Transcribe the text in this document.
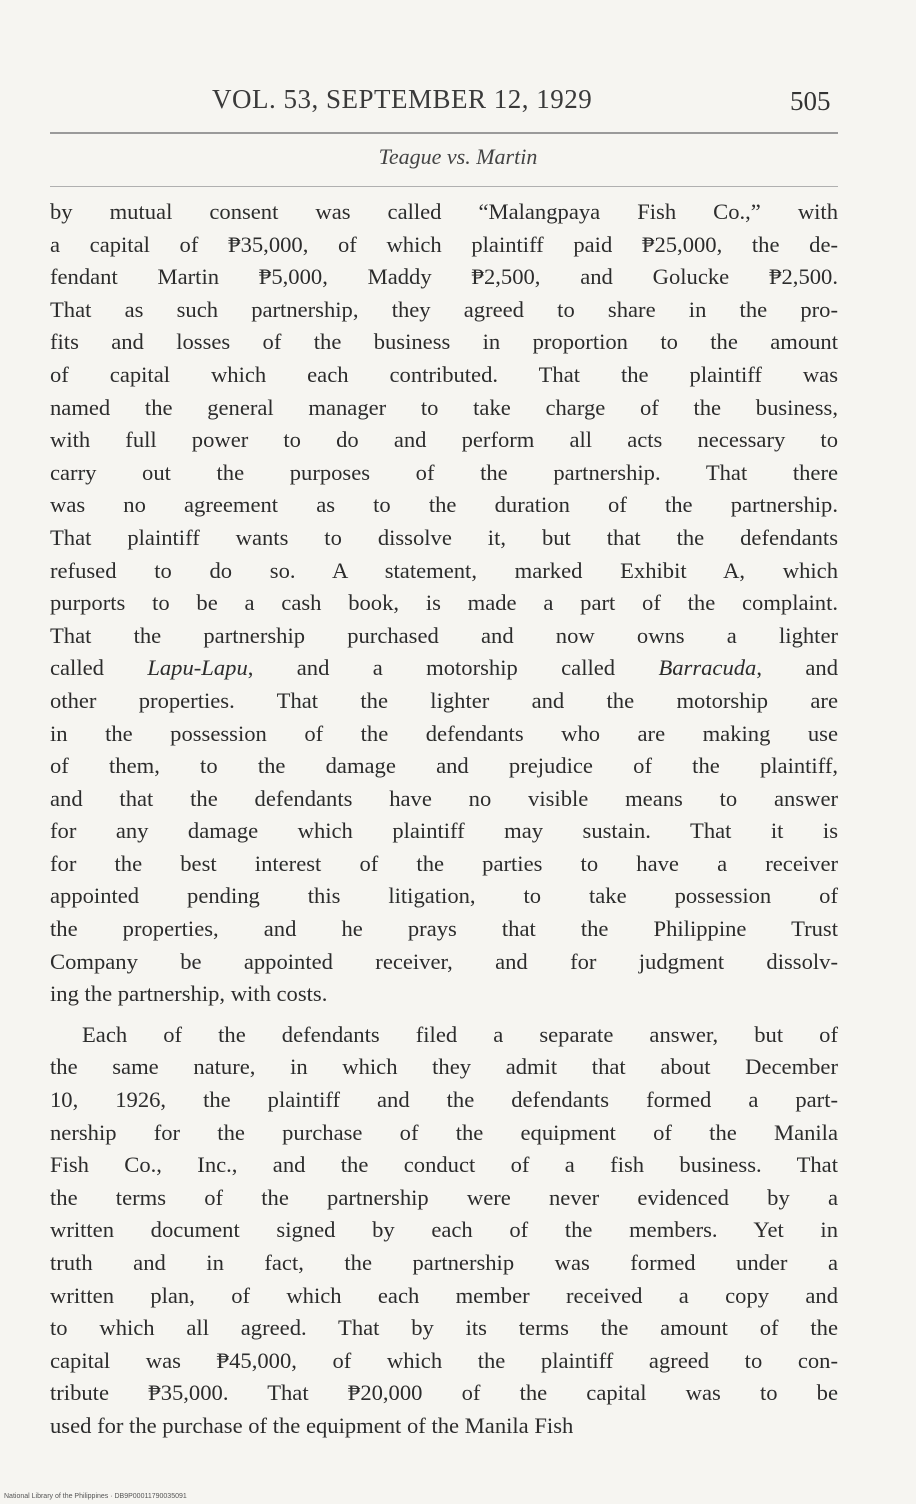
VOL. 53, SEPTEMBER 12, 1929	505
Teague vs. Martin
by mutual consent was called “Malangpaya Fish Co.,” with
a capital of ₱35,000, of which plaintiff paid ₱25,000, the de-
fendant Martin ₱5,000, Maddy ₱2,500, and Golucke ₱2,500.
That as such partnership, they agreed to share in the pro-
fits and losses of the business in proportion to the amount
of capital which each contributed. That the plaintiff was
named the general manager to take charge of the business,
with full power to do and perform all acts necessary to
carry out the purposes of the partnership. That there
was no agreement as to the duration of the partnership.
That plaintiff wants to dissolve it, but that the defendants
refused to do so. A statement, marked Exhibit A, which
purports to be a cash book, is made a part of the complaint.
That the partnership purchased and now owns a lighter
called Lapu-Lapu, and a motorship called Barracuda, and
other properties. That the lighter and the motorship are
in the possession of the defendants who are making use
of them, to the damage and prejudice of the plaintiff,
and that the defendants have no visible means to answer
for any damage which plaintiff may sustain. That it is
for the best interest of the parties to have a receiver
appointed pending this litigation, to take possession of
the properties, and he prays that the Philippine Trust
Company be appointed receiver, and for judgment dissolv-
ing the partnership, with costs.
Each of the defendants filed a separate answer, but of
the same nature, in which they admit that about December
10, 1926, the plaintiff and the defendants formed a part-
nership for the purchase of the equipment of the Manila
Fish Co., Inc., and the conduct of a fish business. That
the terms of the partnership were never evidenced by a
written document signed by each of the members. Yet in
truth and in fact, the partnership was formed under a
written plan, of which each member received a copy and
to which all agreed. That by its terms the amount of the
capital was ₱45,000, of which the plaintiff agreed to con-
tribute ₱35,000. That ₱20,000 of the capital was to be
used for the purchase of the equipment of the Manila Fish
National Library of the Philippines · DB9P00011790035091
